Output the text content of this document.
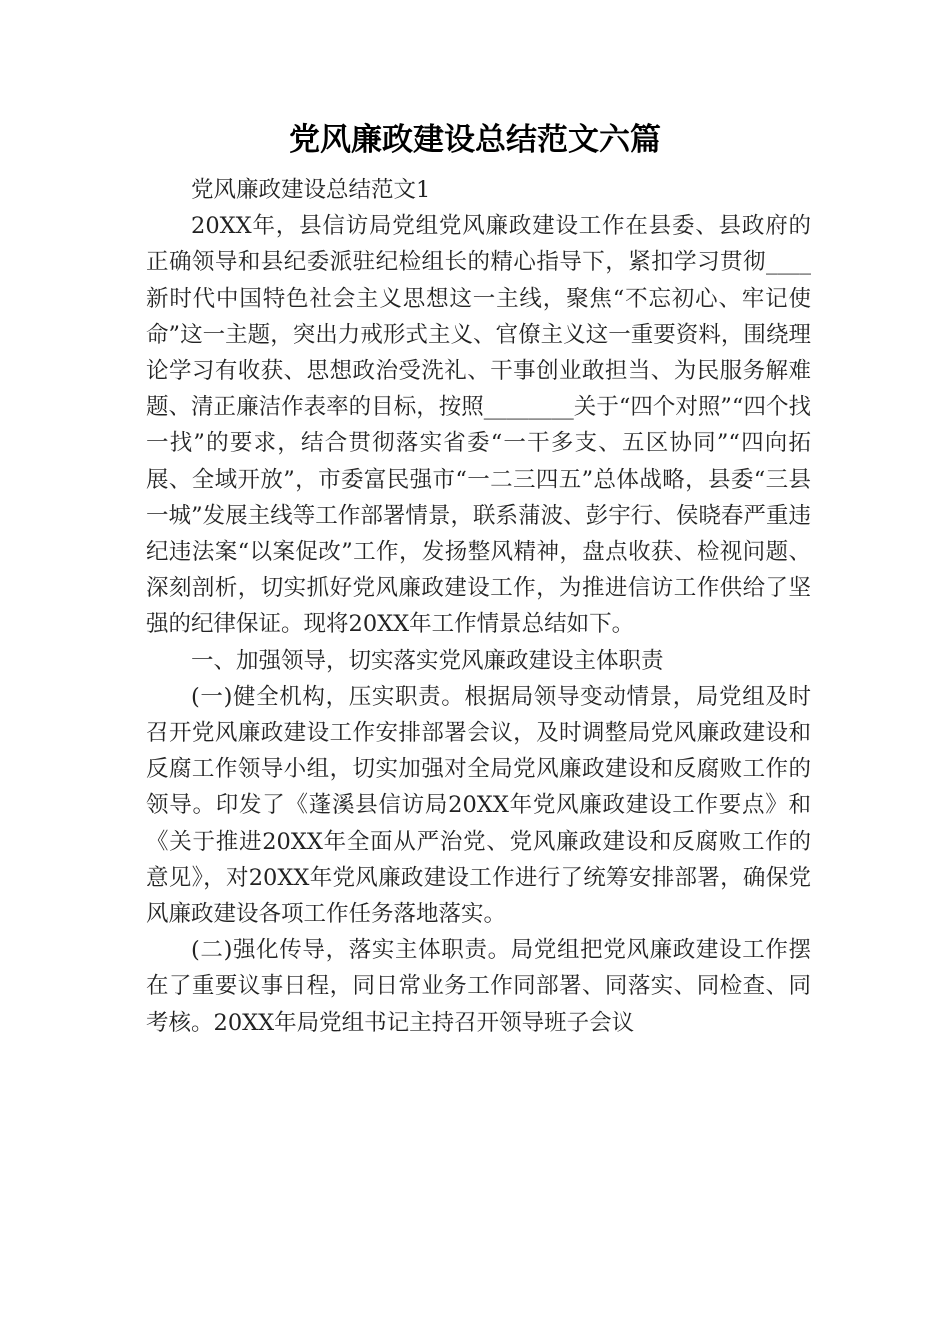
党风廉政建设总结范文六篇

党风廉政建设总结范文1

20XX年，县信访局党组党风廉政建设工作在县委、县政府的正确领导和县纪委派驻纪检组长的精心指导下，紧扣学习贯彻____新时代中国特色社会主义思想这一主线，聚焦“不忘初心、牢记使命”这一主题，突出力戒形式主义、官僚主义这一重要资料，围绕理论学习有收获、思想政治受洗礼、干事创业敢担当、为民服务解难题、清正廉洁作表率的目标，按照________关于“四个对照”“四个找一找”的要求，结合贯彻落实省委“一干多支、五区协同”“四向拓展、全域开放”，市委富民强市“一二三四五”总体战略，县委“三县一城”发展主线等工作部署情景，联系蒲波、彭宇行、侯晓春严重违纪违法案“以案促改”工作，发扬整风精神，盘点收获、检视问题、深刻剖析，切实抓好党风廉政建设工作，为推进信访工作供给了坚强的纪律保证。现将20XX年工作情景总结如下。

一、加强领导，切实落实党风廉政建设主体职责

(一)健全机构，压实职责。根据局领导变动情景，局党组及时召开党风廉政建设工作安排部署会议，及时调整局党风廉政建设和反腐工作领导小组，切实加强对全局党风廉政建设和反腐败工作的领导。印发了《蓬溪县信访局20XX年党风廉政建设工作要点》和《关于推进20XX年全面从严治党、党风廉政建设和反腐败工作的意见》，对20XX年党风廉政建设工作进行了统筹安排部署，确保党风廉政建设各项工作任务落地落实。

(二)强化传导，落实主体职责。局党组把党风廉政建设工作摆在了重要议事日程，同日常业务工作同部署、同落实、同检查、同考核。20XX年局党组书记主持召开领导班子会议
